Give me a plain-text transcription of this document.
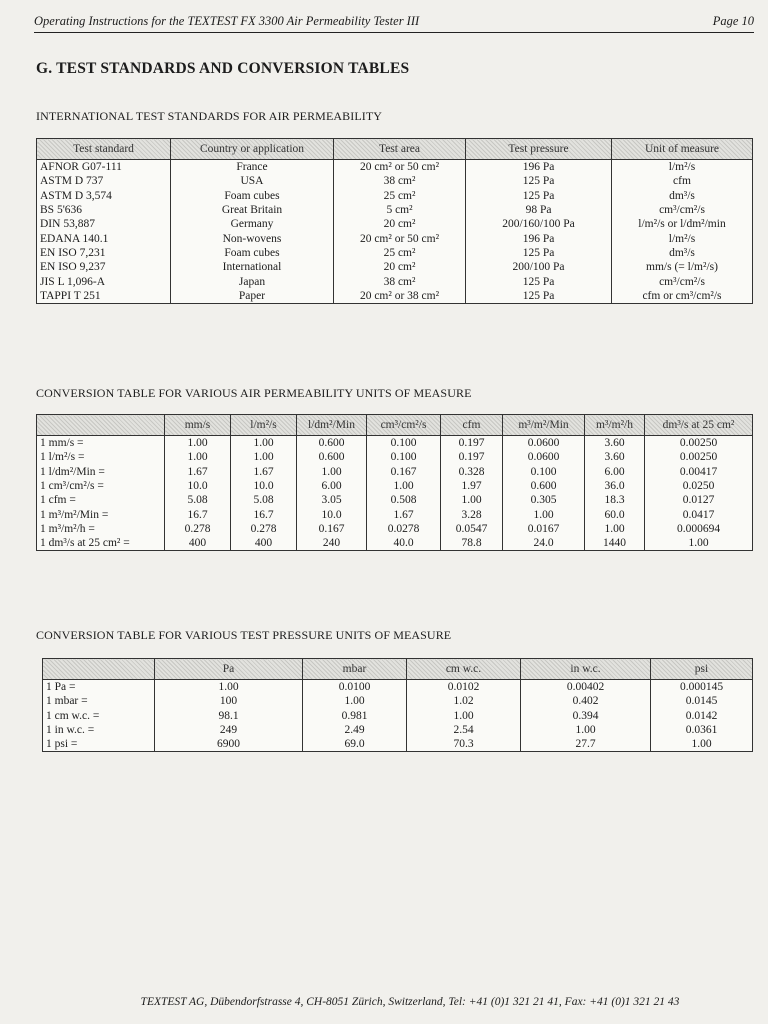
Operating Instructions for the TEXTEST FX 3300 Air Permeability Tester III	Page 10
G. TEST STANDARDS AND CONVERSION TABLES
INTERNATIONAL TEST STANDARDS FOR AIR PERMEABILITY
Test standard	Country or application	Test area	Test pressure	Unit of measure
AFNOR G07-111	France	20 cm² or 50 cm²	196 Pa	l/m²/s
ASTM D 737	USA	38 cm²	125 Pa	cfm
ASTM D 3,574	Foam cubes	25 cm²	125 Pa	dm³/s
BS 5'636	Great Britain	5 cm²	98 Pa	cm³/cm²/s
DIN 53,887	Germany	20 cm²	200/160/100 Pa	l/m²/s or l/dm²/min
EDANA 140.1	Non-wovens	20 cm² or 50 cm²	196 Pa	l/m²/s
EN ISO 7,231	Foam cubes	25 cm²	125 Pa	dm³/s
EN ISO 9,237	International	20 cm²	200/100 Pa	mm/s (= l/m²/s)
JIS L 1,096-A	Japan	38 cm²	125 Pa	cm³/cm²/s
TAPPI T 251	Paper	20 cm² or 38 cm²	125 Pa	cfm or cm³/cm²/s
CONVERSION TABLE FOR VARIOUS AIR PERMEABILITY UNITS OF MEASURE
	mm/s	l/m²/s	l/dm²/Min	cm³/cm²/s	cfm	m³/m²/Min	m³/m²/h	dm³/s at 25 cm²
1 mm/s =	1.00	1.00	0.600	0.100	0.197	0.0600	3.60	0.00250
1 l/m²/s =	1.00	1.00	0.600	0.100	0.197	0.0600	3.60	0.00250
1 l/dm²/Min =	1.67	1.67	1.00	0.167	0.328	0.100	6.00	0.00417
1 cm³/cm²/s =	10.0	10.0	6.00	1.00	1.97	0.600	36.0	0.0250
1 cfm =	5.08	5.08	3.05	0.508	1.00	0.305	18.3	0.0127
1 m³/m²/Min =	16.7	16.7	10.0	1.67	3.28	1.00	60.0	0.0417
1 m³/m²/h =	0.278	0.278	0.167	0.0278	0.0547	0.0167	1.00	0.000694
1 dm³/s at 25 cm² =	400	400	240	40.0	78.8	24.0	1440	1.00
CONVERSION TABLE FOR VARIOUS TEST PRESSURE UNITS OF MEASURE
	Pa	mbar	cm w.c.	in w.c.	psi
1 Pa =	1.00	0.0100	0.0102	0.00402	0.000145
1 mbar =	100	1.00	1.02	0.402	0.0145
1 cm w.c. =	98.1	0.981	1.00	0.394	0.0142
1 in w.c. =	249	2.49	2.54	1.00	0.0361
1 psi =	6900	69.0	70.3	27.7	1.00
TEXTEST AG, Dübendorfstrasse 4, CH-8051 Zürich, Switzerland, Tel: +41 (0)1 321 21 41, Fax: +41 (0)1 321 21 43
